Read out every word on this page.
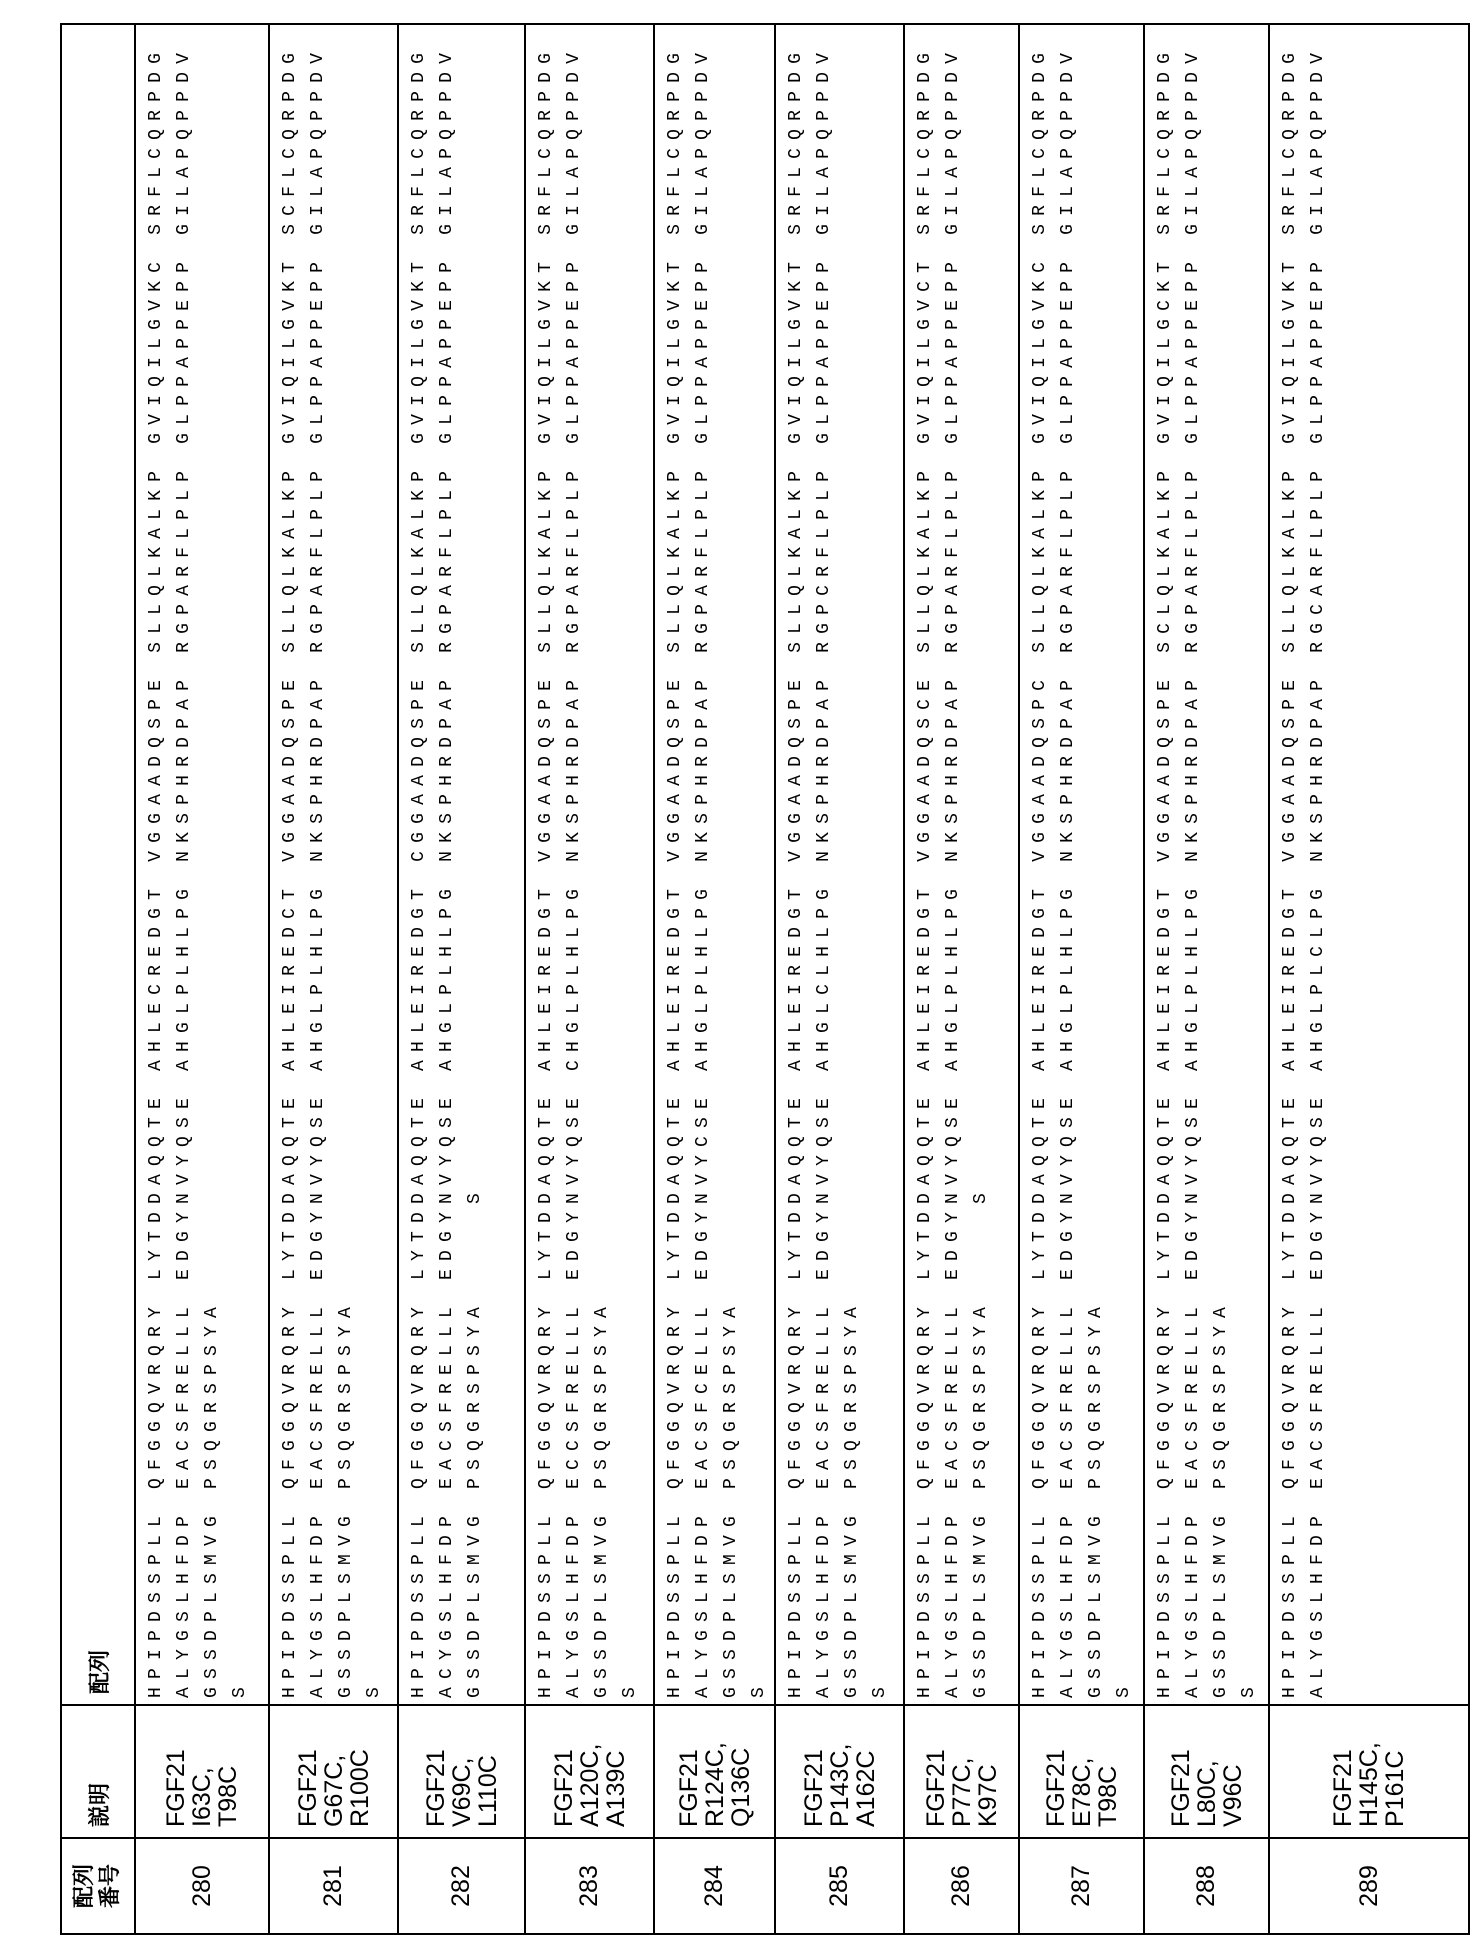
配列 番号

説明

配列

280	
FGF21 I63C,
T98C

HPIPDSSPLL QFGGQVRQRY LYTDDAQQTE AHLECREDGT VGGAADQSPE SLLQLKALKP GVIQILGVKC SRFLCQRPDG ALYGSLHFDP EACSFRELLL EDGYNVYQSE AHGLPLHLPG NKSPHRDPAP RGPARFLPLP GLPPAPPEPP GILAPQPPDV GSSDPLSMVG PSQGRSPSYA S

281	
FGF21 G67C,
R100C

HPIPDSSPLL QFGGQVRQRY LYTDDAQQTE AHLEIREDCT VGGAADQSPE SLLQLKALKP GVIQILGVKT SCFLCQRPDG ALYGSLHFDP EACSFRELLL EDGYNVYQSE AHGLPLHLPG NKSPHRDPAP RGPARFLPLP GLPPAPPEPP GILAPQPPDV GSSDPLSMVG PSQGRSPSYA S

282	
FGF21 V69C,
L110C

HPIPDSSPLL QFGGQVRQRY LYTDDAQQTE AHLEIREDGT CGGAADQSPE SLLQLKALKP GVIQILGVKT SRFLCQRPDG ACYGSLHFDP EACSFRELLL EDGYNVYQSE AHGLPLHLPG NKSPHRDPAP RGPARFLPLP GLPPAPPEPP GILAPQPPDV GSSDPLSMVG PSQGRSPSYA     S

283	
FGF21 A120C,
A139C

HPIPDSSPLL QFGGQVRQRY LYTDDAQQTE AHLEIREDGT VGGAADQSPE SLLQLKALKP GVIQILGVKT SRFLCQRPDG ALYGSLHFDP ECCSFRELLL EDGYNVYQSE CHGLPLHLPG NKSPHRDPAP RGPARFLPLP GLPPAPPEPP GILAPQPPDV GSSDPLSMVG PSQGRSPSYA S

284	
FGF21 R124C,
Q136C

HPIPDSSPLL QFGGQVRQRY LYTDDAQQTE AHLEIREDGT VGGAADQSPE SLLQLKALKP GVIQILGVKT SRFLCQRPDG ALYGSLHFDP EACSFCELLL EDGYNVYCSE AHGLPLHLPG NKSPHRDPAP RGPARFLPLP GLPPAPPEPP GILAPQPPDV GSSDPLSMVG PSQGRSPSYA S

285	
FGF21 P143C,
A162C

HPIPDSSPLL QFGGQVRQRY LYTDDAQQTE AHLEIREDGT VGGAADQSPE SLLQLKALKP GVIQILGVKT SRFLCQRPDG ALYGSLHFDP EACSFRELLL EDGYNVYQSE AHGLCLHLPG NKSPHRDPAP RGPCRFLPLP GLPPAPPEPP GILAPQPPDV GSSDPLSMVG PSQGRSPSYA S

286	
FGF21 P77C,
K97C

HPIPDSSPLL QFGGQVRQRY LYTDDAQQTE AHLEIREDGT VGGAADQSCE SLLQLKALKP GVIQILGVCT SRFLCQRPDG ALYGSLHFDP EACSFRELLL EDGYNVYQSE AHGLPLHLPG NKSPHRDPAP RGPARFLPLP GLPPAPPEPP GILAPQPPDV GSSDPLSMVG PSQGRSPSYA     S

287	
FGF21 E78C,
T98C

HPIPDSSPLL QFGGQVRQRY LYTDDAQQTE AHLEIREDGT VGGAADQSPC SLLQLKALKP GVIQILGVKC SRFLCQRPDG ALYGSLHFDP EACSFRELLL EDGYNVYQSE AHGLPLHLPG NKSPHRDPAP RGPARFLPLP GLPPAPPEPP GILAPQPPDV GSSDPLSMVG PSQGRSPSYA S

288	
FGF21 L80C,
V96C

HPIPDSSPLL QFGGQVRQRY LYTDDAQQTE AHLEIREDGT VGGAADQSPE SCLQLKALKP GVIQILGCKT SRFLCQRPDG ALYGSLHFDP EACSFRELLL EDGYNVYQSE AHGLPLHLPG NKSPHRDPAP RGPARFLPLP GLPPAPPEPP GILAPQPPDV GSSDPLSMVG PSQGRSPSYA S

289	
FGF21 H145C,
P161C

HPIPDSSPLL QFGGQVRQRY LYTDDAQQTE AHLEIREDGT VGGAADQSPE SLLQLKALKP GVIQILGVKT SRFLCQRPDG ALYGSLHFDP EACSFRELLL EDGYNVYQSE AHGLPLCLPG NKSPHRDPAP RGCARFLPLP GLPPAPPEPP GILAPQPPDV
